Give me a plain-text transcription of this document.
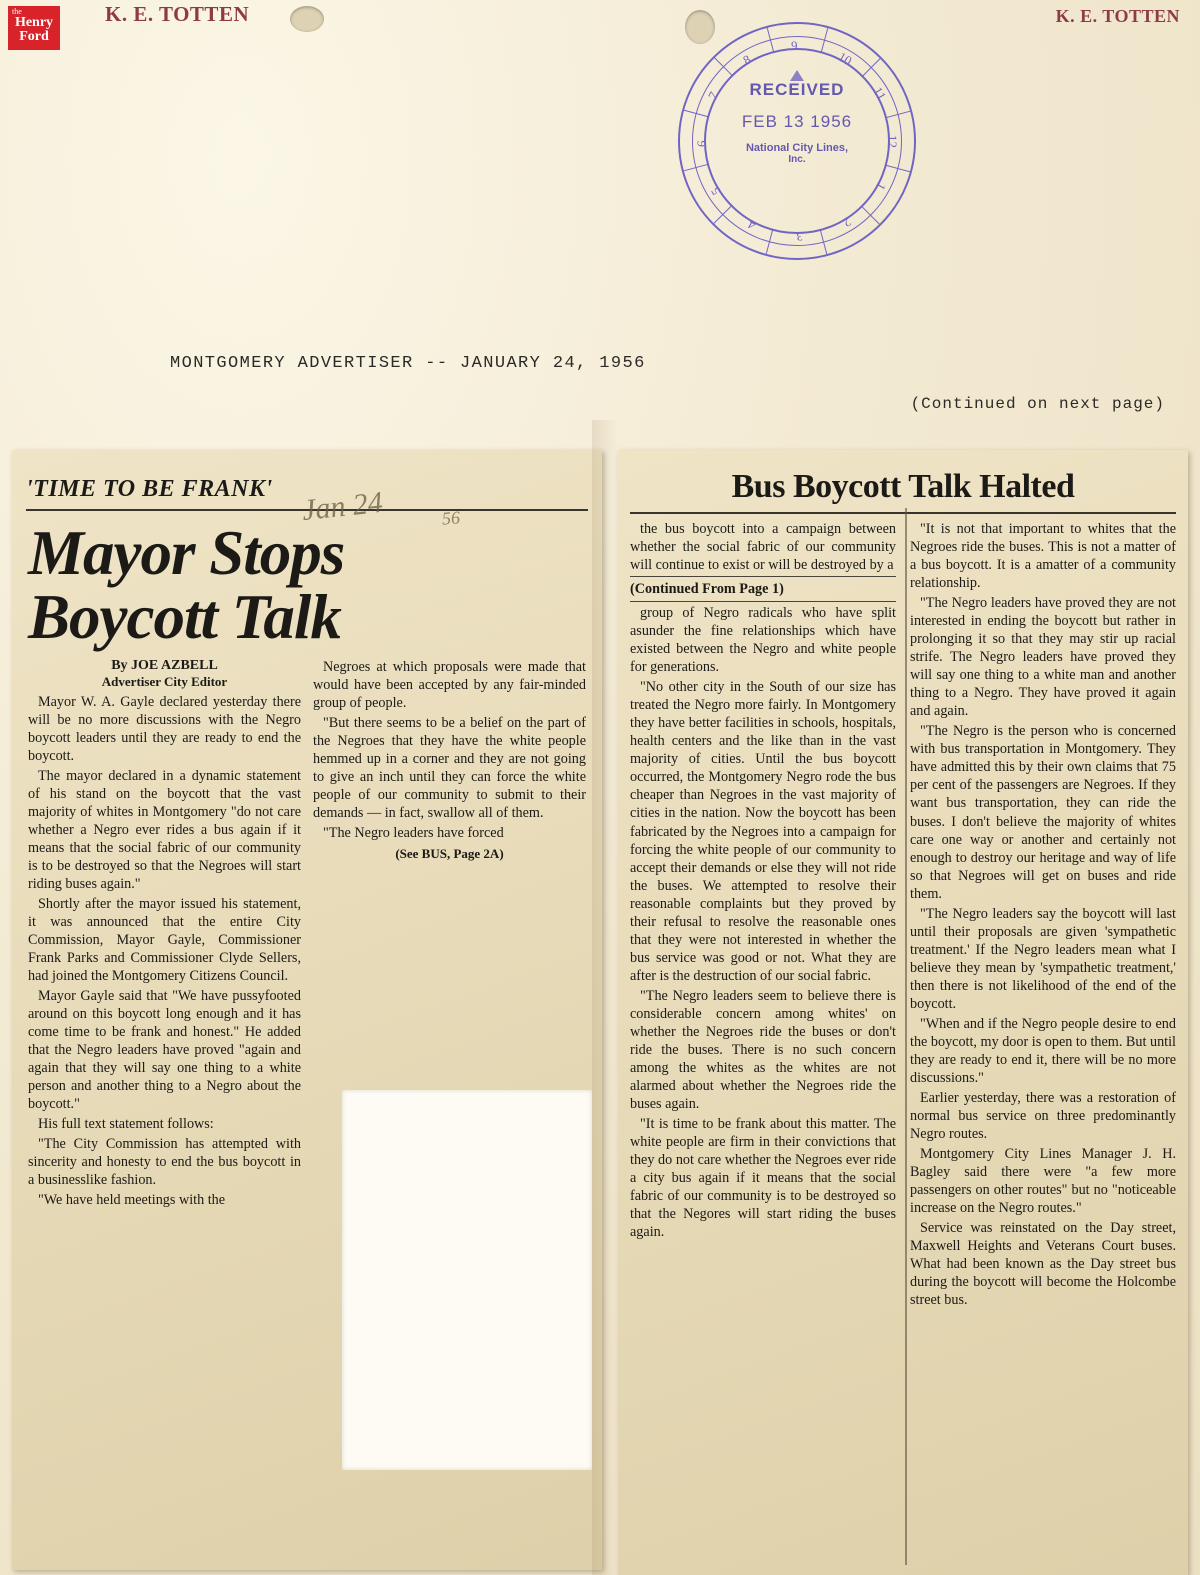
the
Henry
Ford
K. E. TOTTEN	K. E. TOTTEN
9
10
11
12
1
2
3
4
5
6
7
8
RECEIVED
FEB 13 1956
National City Lines,
Inc.
MONTGOMERY ADVERTISER -- JANUARY 24, 1956
(Continued on next page)
'TIME TO BE FRANK' Jan 24	56
Mayor Stops
Boycott Talk
By JOE AZBELL
Advertiser City Editor

Mayor W. A. Gayle declared yesterday there will be no more discussions with the Negro boycott leaders until they are ready to end the boycott.

The mayor declared in a dynamic statement of his stand on the boycott that the vast majority of whites in Montgomery "do not care whether a Negro ever rides a bus again if it means that the social fabric of our community is to be destroyed so that the Negroes will start riding buses again."

Shortly after the mayor issued his statement, it was announced that the entire City Commission, Mayor Gayle, Commissioner Frank Parks and Commissioner Clyde Sellers, had joined the Montgomery Citizens Council.

Mayor Gayle said that "We have pussyfooted around on this boycott long enough and it has come time to be frank and honest." He added that the Negro leaders have proved "again and again that they will say one thing to a white person and another thing to a Negro about the boycott."

His full text statement follows:

"The City Commission has attempted with sincerity and honesty to end the bus boycott in a businesslike fashion.

"We have held meetings with the

Negroes at which proposals were made that would have been accepted by any fair-minded group of people.

"But there seems to be a belief on the part of the Negroes that they have the white people hemmed up in a corner and they are not going to give an inch until they can force the white people of our community to submit to their demands — in fact, swallow all of them.

"The Negro leaders have forced

(See BUS, Page 2A)
Bus Boycott Talk Halted

the bus boycott into a campaign between whether the social fabric of our community will continue to exist or will be destroyed by a

(Continued From Page 1)

group of Negro radicals who have split asunder the fine relationships which have existed between the Negro and white people for generations.

"No other city in the South of our size has treated the Negro more fairly. In Montgomery they have better facilities in schools, hospitals, health centers and the like than in the vast majority of cities. Until the bus boycott occurred, the Montgomery Negro rode the bus cheaper than Negroes in the vast majority of cities in the nation. Now the boycott has been fabricated by the Negroes into a campaign for forcing the white people of our community to accept their demands or else they will not ride the buses. We attempted to resolve their reasonable complaints but they proved by their refusal to resolve the reasonable ones that they were not interested in whether the bus service was good or not. What they are after is the destruction of our social fabric.

"The Negro leaders seem to believe there is considerable concern among whites' on whether the Negroes ride the buses or don't ride the buses. There is no such concern among the whites as the whites are not alarmed about whether the Negroes ride the buses again.

"It is time to be frank about this matter. The white people are firm in their convictions that they do not care whether the Negroes ever ride a city bus again if it means that the social fabric of our community is to be destroyed so that the Negores will start riding the buses again.

"It is not that important to whites that the Negroes ride the buses. This is not a matter of a bus boycott. It is a amatter of a community relationship.

"The Negro leaders have proved they are not interested in ending the boycott but rather in prolonging it so that they may stir up racial strife. The Negro leaders have proved they will say one thing to a white man and another thing to a Negro. They have proved it again and again.

"The Negro is the person who is concerned with bus transportation in Montgomery. They have admitted this by their own claims that 75 per cent of the passengers are Negroes. If they want bus transportation, they can ride the buses. I don't believe the majority of whites care one way or another and certainly not enough to destroy our heritage and way of life so that Negroes will get on buses and ride them.

"The Negro leaders say the boycott will last until their proposals are given 'sympathetic treatment.' If the Negro leaders mean what I believe they mean by 'sympathetic treatment,' then there is not likelihood of the end of the boycott.

"When and if the Negro people desire to end the boycott, my door is open to them. But until they are ready to end it, there will be no more discussions."

Earlier yesterday, there was a restoration of normal bus service on three predominantly Negro routes.

Montgomery City Lines Manager J. H. Bagley said there were "a few more passengers on other routes" but no "noticeable increase on the Negro routes."

Service was reinstated on the Day street, Maxwell Heights and Veterans Court buses. What had been known as the Day street bus during the boycott will become the Holcombe street bus.
